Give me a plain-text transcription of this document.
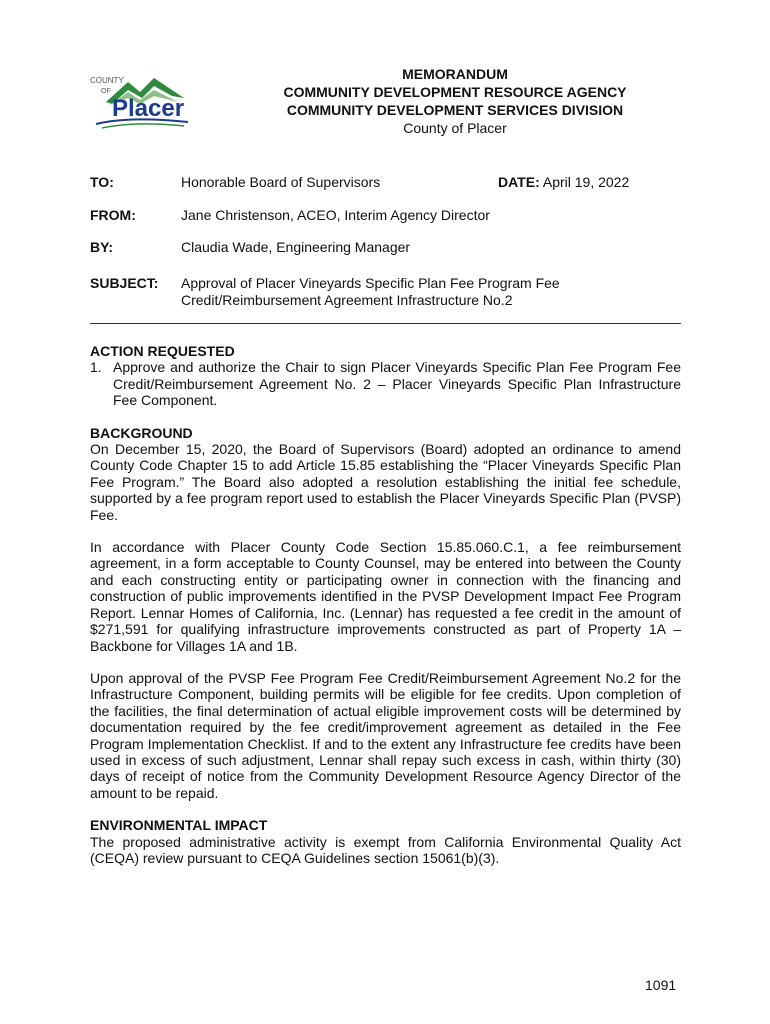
COUNTY
OF
Placer
MEMORANDUM
COMMUNITY DEVELOPMENT RESOURCE AGENCY
COMMUNITY DEVELOPMENT SERVICES DIVISION
County of Placer
TO:	Honorable Board of Supervisors	DATE: April 19, 2022
FROM:	Jane Christenson, ACEO, Interim Agency Director
BY:	Claudia Wade, Engineering Manager
SUBJECT: Approval of Placer Vineyards Specific Plan Fee Program Fee
Credit/Reimbursement Agreement Infrastructure No.2
ACTION REQUESTED
1. Approve and authorize the Chair to sign Placer Vineyards Specific Plan Fee Program Fee Credit/Reimbursement Agreement No. 2 – Placer Vineyards Specific Plan Infrastructure Fee Component.
BACKGROUND

On December 15, 2020, the Board of Supervisors (Board) adopted an ordinance to amend County Code Chapter 15 to add Article 15.85 establishing the “Placer Vineyards Specific Plan Fee Program.” The Board also adopted a resolution establishing the initial fee schedule, supported by a fee program report used to establish the Placer Vineyards Specific Plan (PVSP) Fee.

In accordance with Placer County Code Section 15.85.060.C.1, a fee reimbursement agreement, in a form acceptable to County Counsel, may be entered into between the County and each constructing entity or participating owner in connection with the financing and construction of public improvements identified in the PVSP Development Impact Fee Program Report. Lennar Homes of California, Inc. (Lennar) has requested a fee credit in the amount of $271,591 for qualifying infrastructure improvements constructed as part of Property 1A – Backbone for Villages 1A and 1B.

Upon approval of the PVSP Fee Program Fee Credit/Reimbursement Agreement No.2 for the Infrastructure Component, building permits will be eligible for fee credits. Upon completion of the facilities, the final determination of actual eligible improvement costs will be determined by documentation required by the fee credit/improvement agreement as detailed in the Fee Program Implementation Checklist. If and to the extent any Infrastructure fee credits have been used in excess of such adjustment, Lennar shall repay such excess in cash, within thirty (30) days of receipt of notice from the Community Development Resource Agency Director of the amount to be repaid.

ENVIRONMENTAL IMPACT

The proposed administrative activity is exempt from California Environmental Quality Act (CEQA) review pursuant to CEQA Guidelines section 15061(b)(3).

1091
